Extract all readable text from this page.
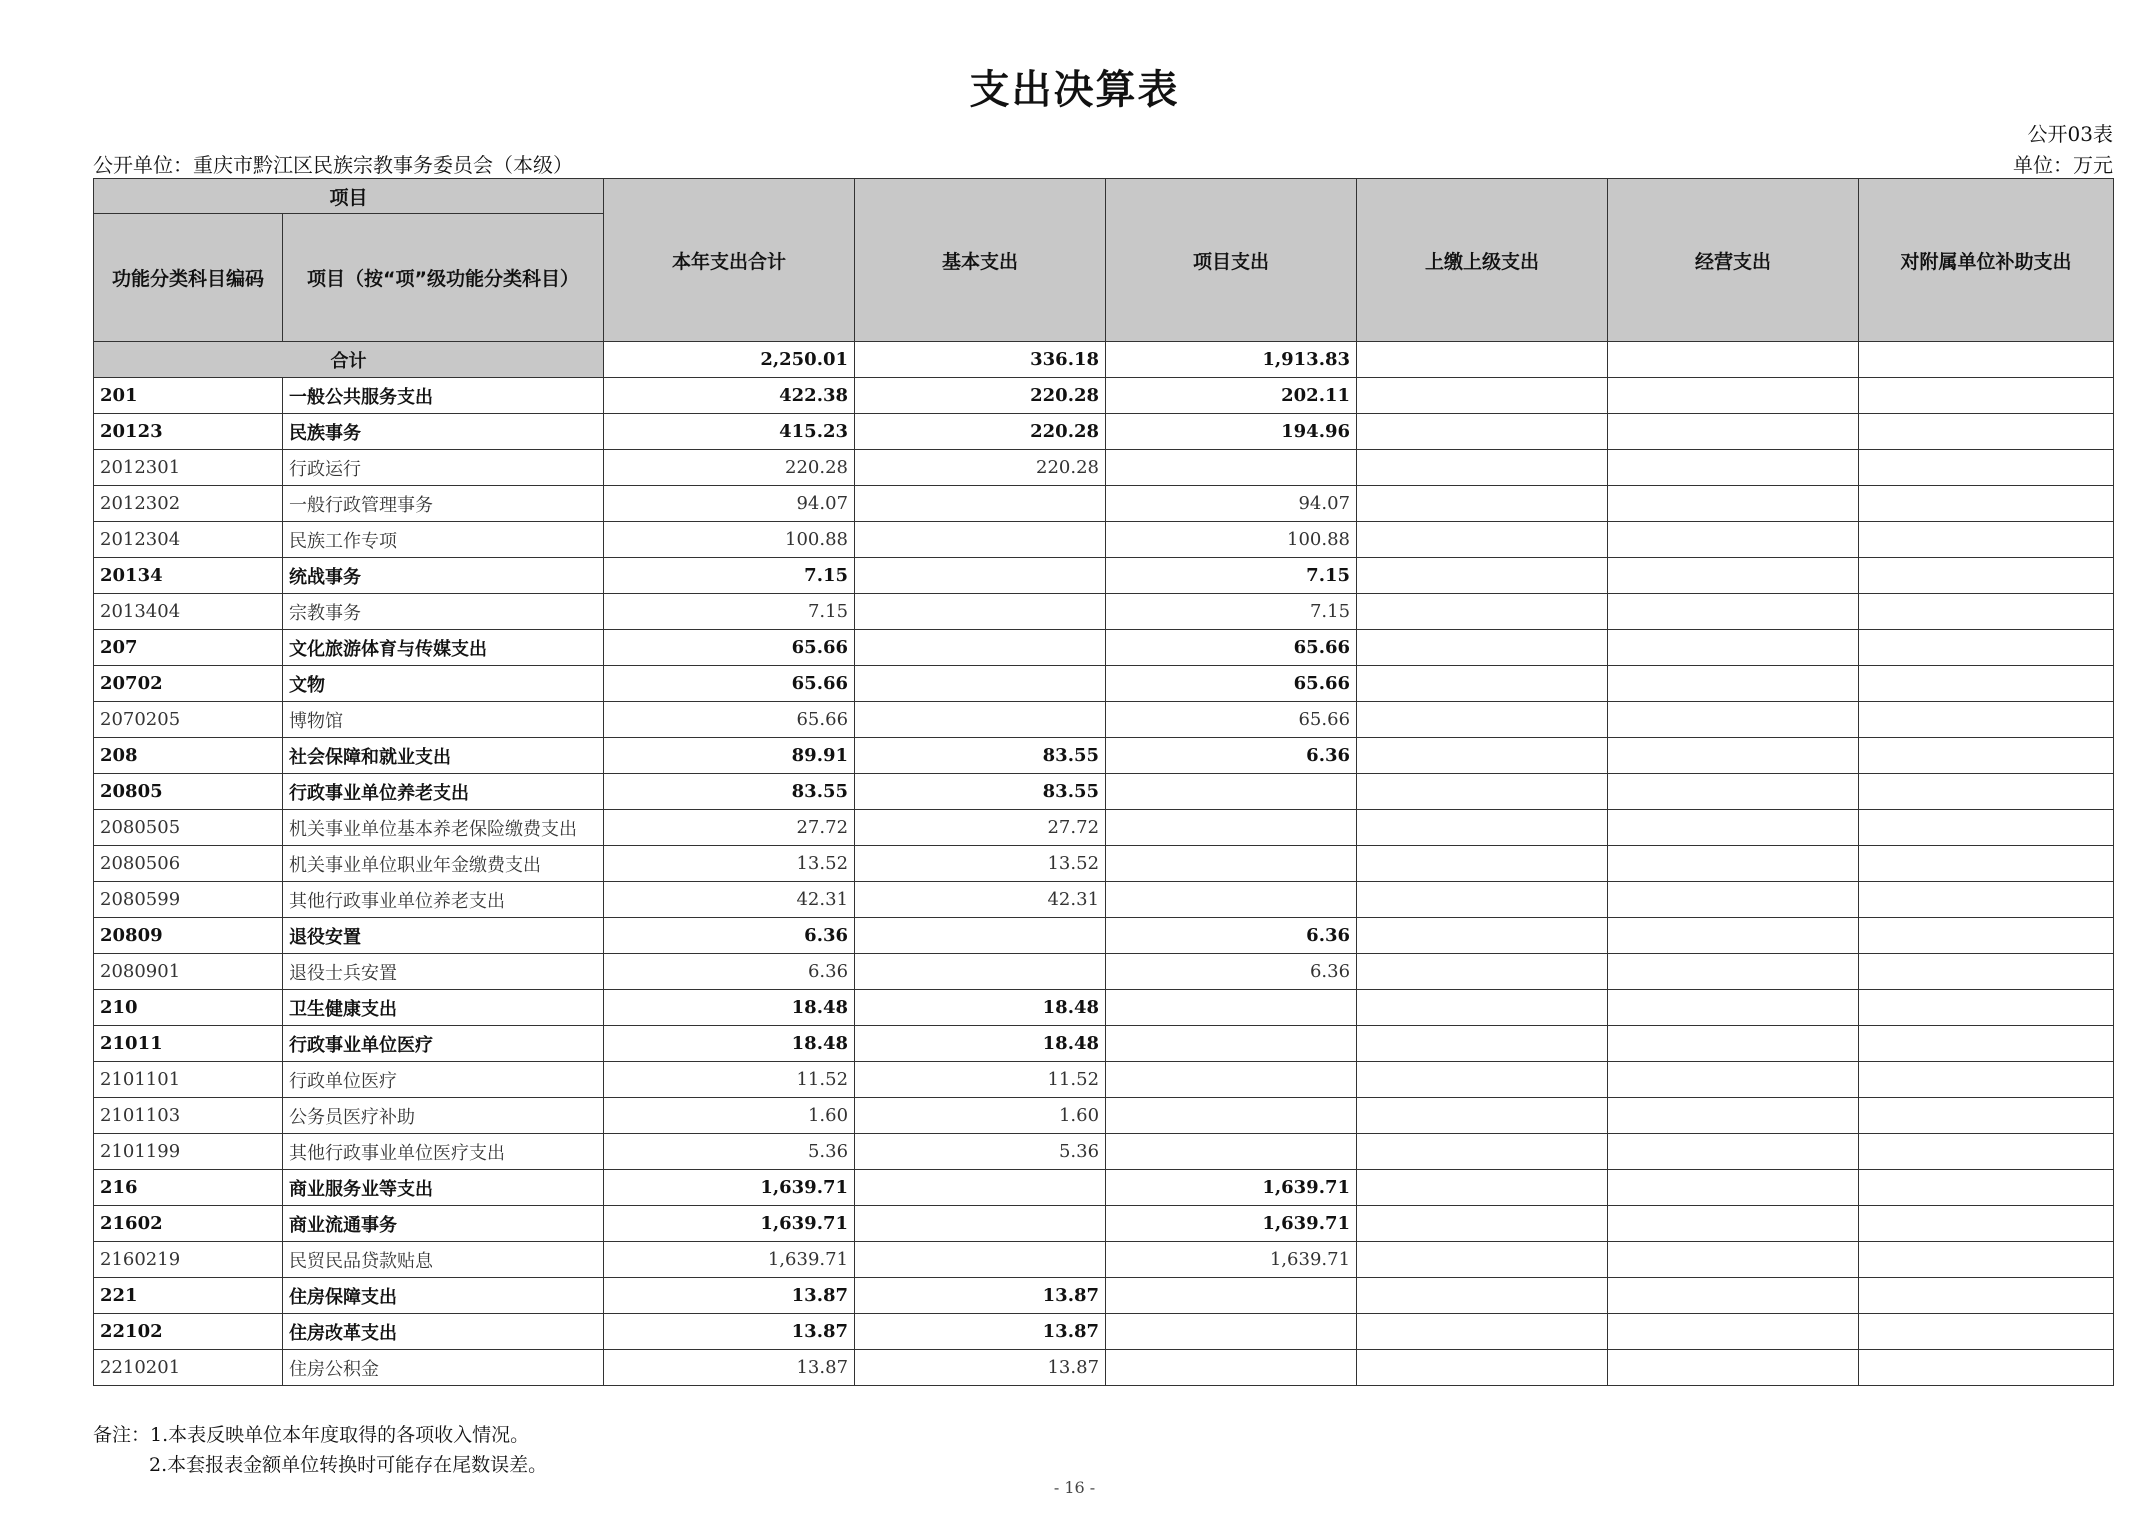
支出决算表
公开03表
公开单位：重庆市黔江区民族宗教事务委员会（本级）	单位：万元
项目		本年支出合计	基本支出	项目支出	上缴上级支出	经营支出	对附属单位补助支出
功能分类科目编码	项目（按“项”级功能分类科目）						
合计		2,250.01	336.18	1,913.83			
201	一般公共服务支出	422.38	220.28	202.11			
20123	民族事务	415.23	220.28	194.96			
2012301	行政运行	220.28	220.28				
2012302	一般行政管理事务	94.07		94.07			
2012304	民族工作专项	100.88		100.88			
20134	统战事务	7.15		7.15			
2013404	宗教事务	7.15		7.15			
207	文化旅游体育与传媒支出	65.66		65.66			
20702	文物	65.66		65.66			
2070205	博物馆	65.66		65.66			
208	社会保障和就业支出	89.91	83.55	6.36			
20805	行政事业单位养老支出	83.55	83.55				
2080505	机关事业单位基本养老保险缴费支出	27.72	27.72				
2080506	机关事业单位职业年金缴费支出	13.52	13.52				
2080599	其他行政事业单位养老支出	42.31	42.31				
20809	退役安置	6.36		6.36			
2080901	退役士兵安置	6.36		6.36			
210	卫生健康支出	18.48	18.48				
21011	行政事业单位医疗	18.48	18.48				
2101101	行政单位医疗	11.52	11.52				
2101103	公务员医疗补助	1.60	1.60				
2101199	其他行政事业单位医疗支出	5.36	5.36				
216	商业服务业等支出	1,639.71		1,639.71			
21602	商业流通事务	1,639.71		1,639.71			
2160219	民贸民品贷款贴息	1,639.71		1,639.71			
221	住房保障支出	13.87	13.87				
22102	住房改革支出	13.87	13.87				
2210201	住房公积金	13.87	13.87				
备注：1.本表反映单位本年度取得的各项收入情况。
2.本套报表金额单位转换时可能存在尾数误差。
- 16 -
